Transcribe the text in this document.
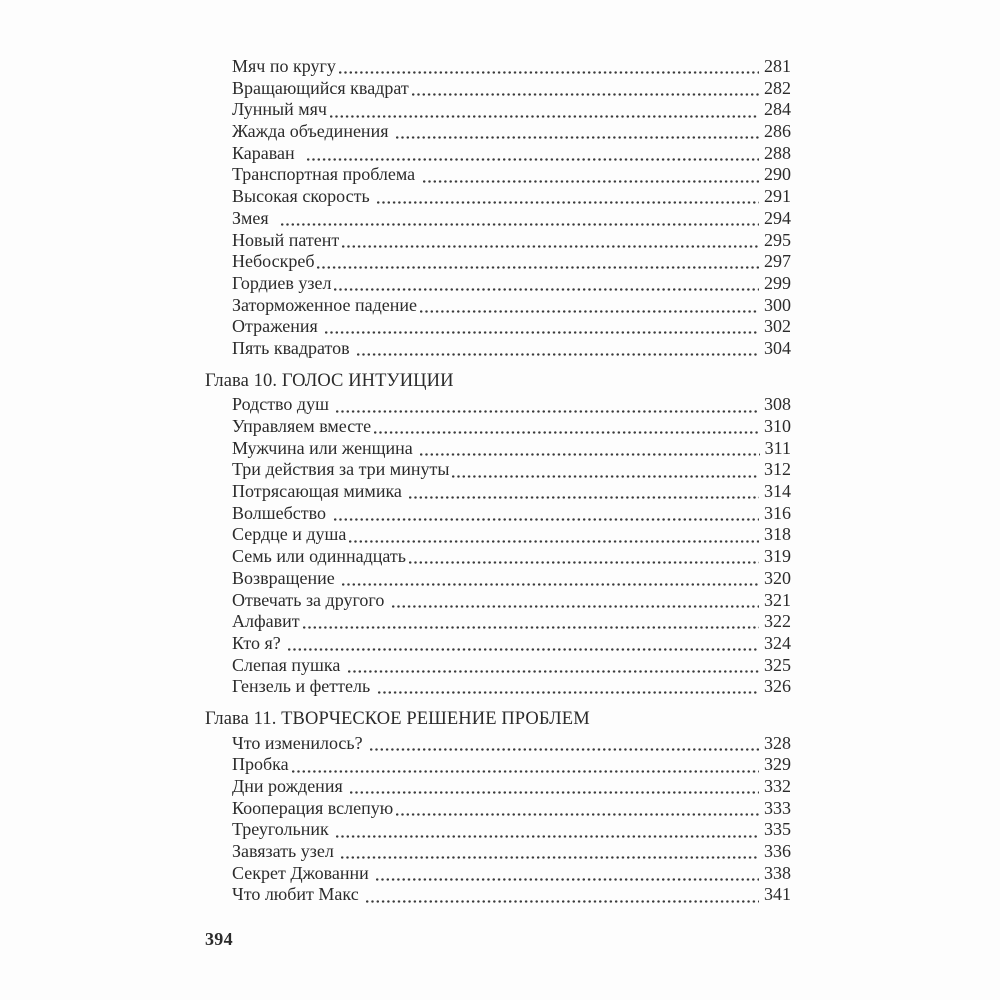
Мяч по кругу	281
Вращающийся квадрат	282
Лунный мяч	284
Жажда объединения	286
Караван	288
Транспортная проблема	290
Высокая скорость	291
Змея	294
Новый патент	295
Небоскреб	297
Гордиев узел	299
Заторможенное падение	300
Отражения	302
Пять квадратов	304
Глава 10. ГОЛОС ИНТУИЦИИ
Родство душ	308
Управляем вместе	310
Мужчина или женщина	311
Три действия за три минуты	312
Потрясающая мимика	314
Волшебство	316
Сердце и душа	318
Семь или одиннадцать	319
Возвращение	320
Отвечать за другого	321
Алфавит	322
Кто я?	324
Слепая пушка	325
Гензель и феттель	326
Глава 11. ТВОРЧЕСКОЕ РЕШЕНИЕ ПРОБЛЕМ
Что изменилось?	328
Пробка	329
Дни рождения	332
Кооперация вслепую	333
Треугольник	335
Завязать узел	336
Секрет Джованни	338
Что любит Макс	341
394
